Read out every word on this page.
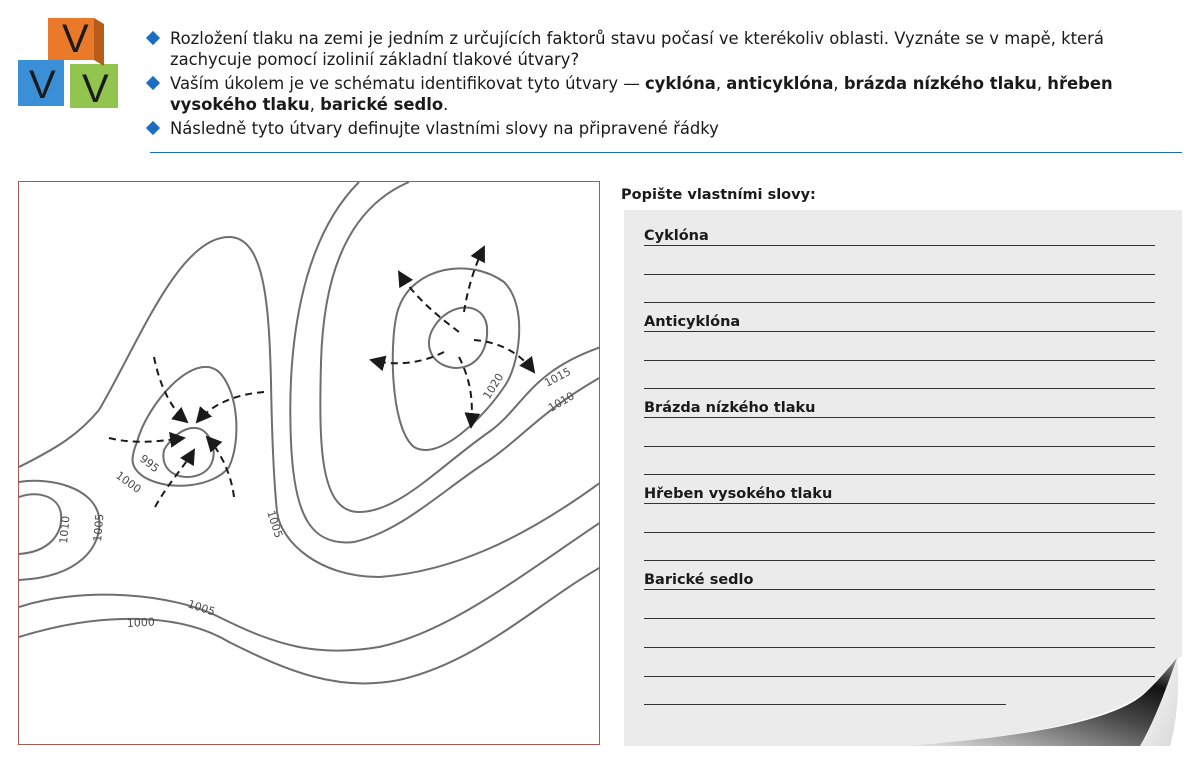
V
V V
Rozložení tlaku na zemi je jedním z určujících faktorů stavu počasí ve kterékoliv oblasti. Vyznáte se v mapě, která zachycuje pomocí izolinií základní tlakové útvary?
Vaším úkolem je ve schématu identifikovat tyto útvary — cyklóna, anticyklóna, brázda nízkého tlaku, hřeben vysokého tlaku, barické sedlo.
Následně tyto útvary definujte vlastními slovy na připravené řádky
1015
1010
1020
995
1000
1005
1010 1005
1005
1000
Popište vlastními slovy:
Cyklóna
Anticyklóna
Brázda nízkého tlaku
Hřeben vysokého tlaku
Barické sedlo
